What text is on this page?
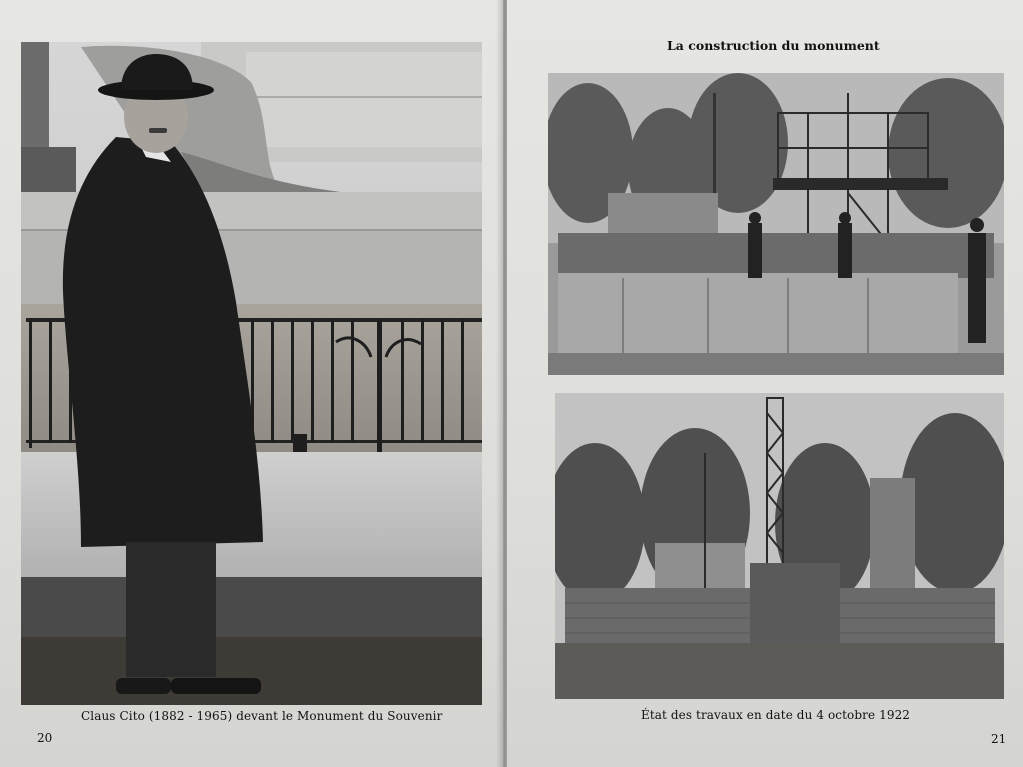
Claus Cito (1882 - 1965) devant le Monument du Souvenir
20
La construction du monument
État des travaux en date du 4 octobre 1922
21
